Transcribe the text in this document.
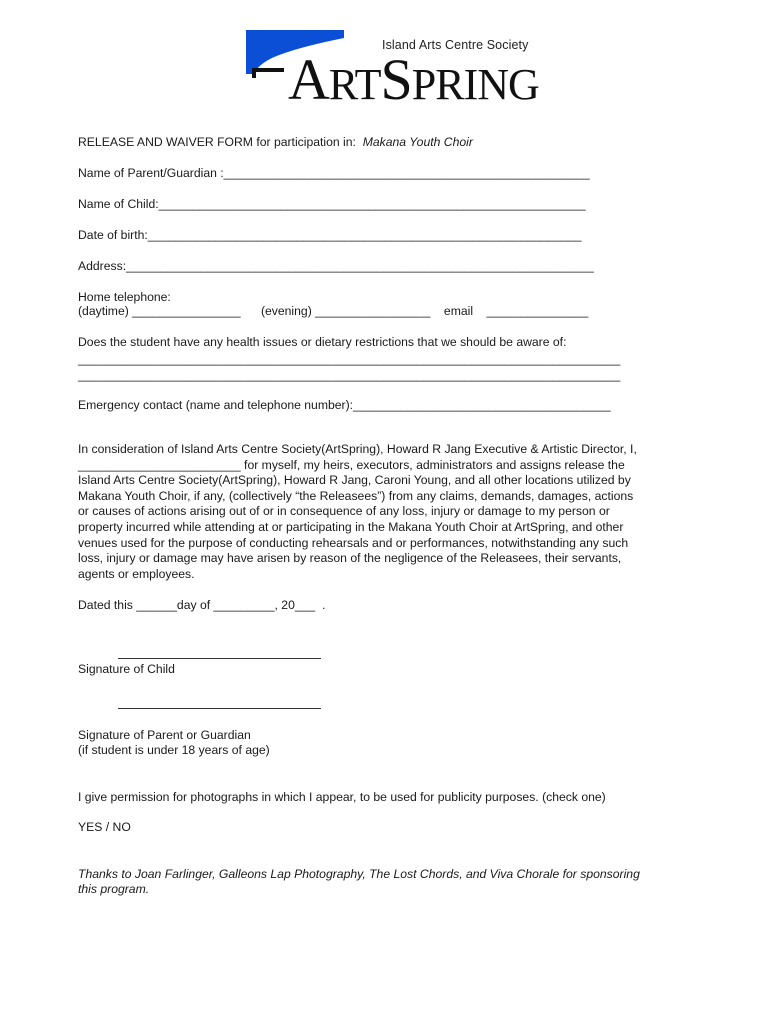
Island Arts Centre Society
ARTSPRING
RELEASE AND WAIVER FORM for participation in: Makana Youth Choir
Name of Parent/Guardian :______________________________________________________
Name of Child:_______________________________________________________________
Date of birth:________________________________________________________________
Address:_____________________________________________________________________
Home telephone:
(daytime) ________________      (evening) _________________    email    _______________
Does the student have any health issues or dietary restrictions that we should be aware of:
________________________________________________________________________________
________________________________________________________________________________
Emergency contact (name and telephone number):______________________________________
In consideration of Island Arts Centre Society(ArtSpring), Howard R Jang Executive & Artistic Director, I,
________________________ for myself, my heirs, executors, administrators and assigns release the
Island Arts Centre Society(ArtSpring), Howard R Jang, Caroni Young, and all other locations utilized by
Makana Youth Choir, if any, (collectively “the Releasees”) from any claims, demands, damages, actions
or causes of actions arising out of or in consequence of any loss, injury or damage to my person or
property incurred while attending at or participating in the Makana Youth Choir at ArtSpring, and other
venues used for the purpose of conducting rehearsals and or performances, notwithstanding any such
loss, injury or damage may have arisen by reason of the negligence of the Releasees, their servants,
agents or employees.
Dated this ______day of _________, 20___  .
Signature of Child
Signature of Parent or Guardian
(if student is under 18 years of age)
I give permission for photographs in which I appear, to be used for publicity purposes. (check one)
YES / NO
Thanks to Joan Farlinger, Galleons Lap Photography, The Lost Chords, and Viva Chorale for sponsoring
this program.
